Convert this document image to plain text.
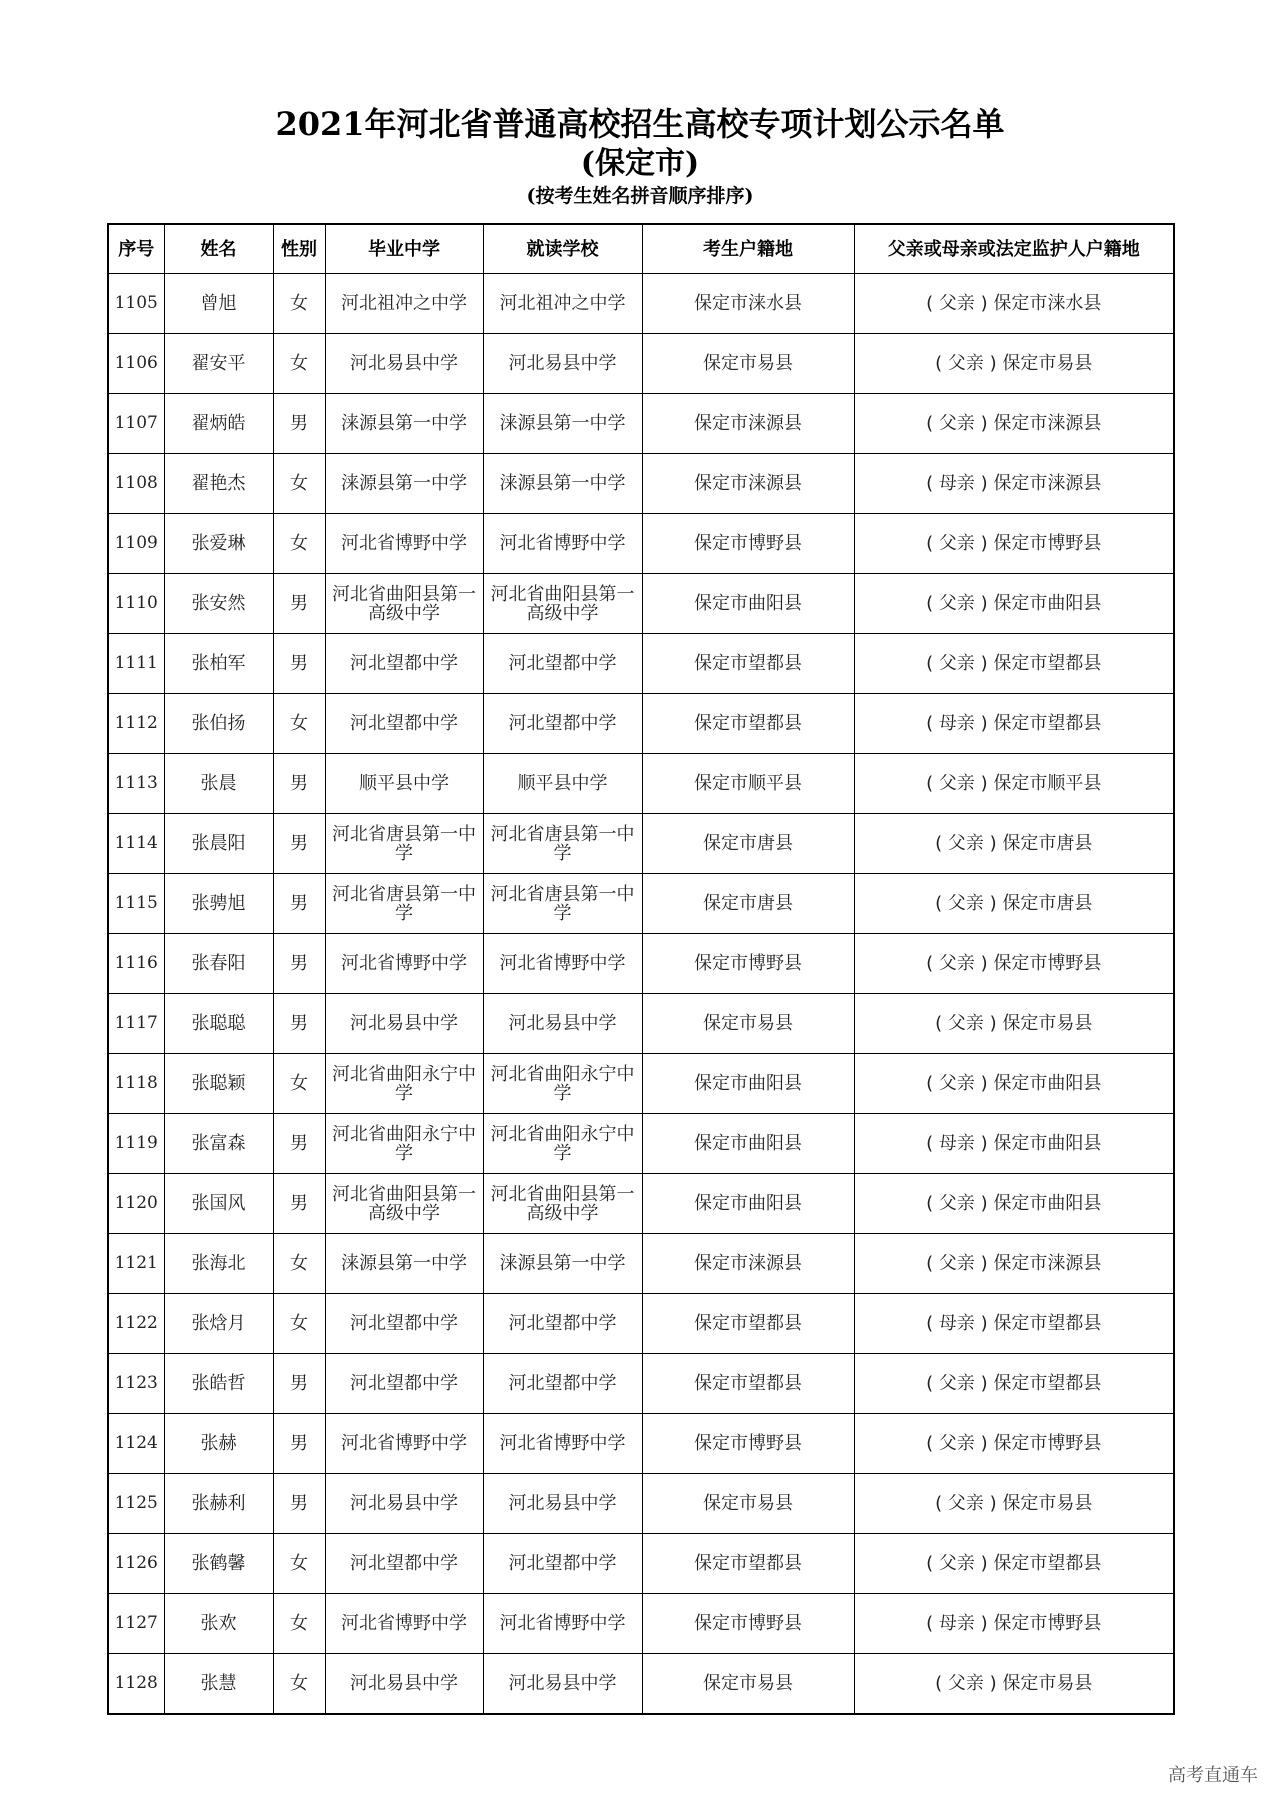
2021年河北省普通高校招生高校专项计划公示名单
(保定市)
(按考生姓名拼音顺序排序)
序号	姓名	性别	毕业中学	就读学校	考生户籍地	父亲或母亲或法定监护人户籍地
1105	曾旭	女	河北祖冲之中学	河北祖冲之中学	保定市涞水县	( 父亲 ) 保定市涞水县
1106	翟安平	女	河北易县中学	河北易县中学	保定市易县	( 父亲 ) 保定市易县
1107	翟炳皓	男	涞源县第一中学	涞源县第一中学	保定市涞源县	( 父亲 ) 保定市涞源县
1108	翟艳杰	女	涞源县第一中学	涞源县第一中学	保定市涞源县	( 母亲 ) 保定市涞源县
1109	张爱琳	女	河北省博野中学	河北省博野中学	保定市博野县	( 父亲 ) 保定市博野县
1110	张安然	男	河北省曲阳县第一高级中学	河北省曲阳县第一高级中学	保定市曲阳县	( 父亲 ) 保定市曲阳县
1111	张柏军	男	河北望都中学	河北望都中学	保定市望都县	( 父亲 ) 保定市望都县
1112	张伯扬	女	河北望都中学	河北望都中学	保定市望都县	( 母亲 ) 保定市望都县
1113	张晨	男	顺平县中学	顺平县中学	保定市顺平县	( 父亲 ) 保定市顺平县
1114	张晨阳	男	河北省唐县第一中学	河北省唐县第一中学	保定市唐县	( 父亲 ) 保定市唐县
1115	张骋旭	男	河北省唐县第一中学	河北省唐县第一中学	保定市唐县	( 父亲 ) 保定市唐县
1116	张春阳	男	河北省博野中学	河北省博野中学	保定市博野县	( 父亲 ) 保定市博野县
1117	张聪聪	男	河北易县中学	河北易县中学	保定市易县	( 父亲 ) 保定市易县
1118	张聪颖	女	河北省曲阳永宁中学	河北省曲阳永宁中学	保定市曲阳县	( 父亲 ) 保定市曲阳县
1119	张富森	男	河北省曲阳永宁中学	河北省曲阳永宁中学	保定市曲阳县	( 母亲 ) 保定市曲阳县
1120	张国风	男	河北省曲阳县第一高级中学	河北省曲阳县第一高级中学	保定市曲阳县	( 父亲 ) 保定市曲阳县
1121	张海北	女	涞源县第一中学	涞源县第一中学	保定市涞源县	( 父亲 ) 保定市涞源县
1122	张焓月	女	河北望都中学	河北望都中学	保定市望都县	( 母亲 ) 保定市望都县
1123	张皓哲	男	河北望都中学	河北望都中学	保定市望都县	( 父亲 ) 保定市望都县
1124	张赫	男	河北省博野中学	河北省博野中学	保定市博野县	( 父亲 ) 保定市博野县
1125	张赫利	男	河北易县中学	河北易县中学	保定市易县	( 父亲 ) 保定市易县
1126	张鹤馨	女	河北望都中学	河北望都中学	保定市望都县	( 父亲 ) 保定市望都县
1127	张欢	女	河北省博野中学	河北省博野中学	保定市博野县	( 母亲 ) 保定市博野县
1128	张慧	女	河北易县中学	河北易县中学	保定市易县	( 父亲 ) 保定市易县
高考直通车
